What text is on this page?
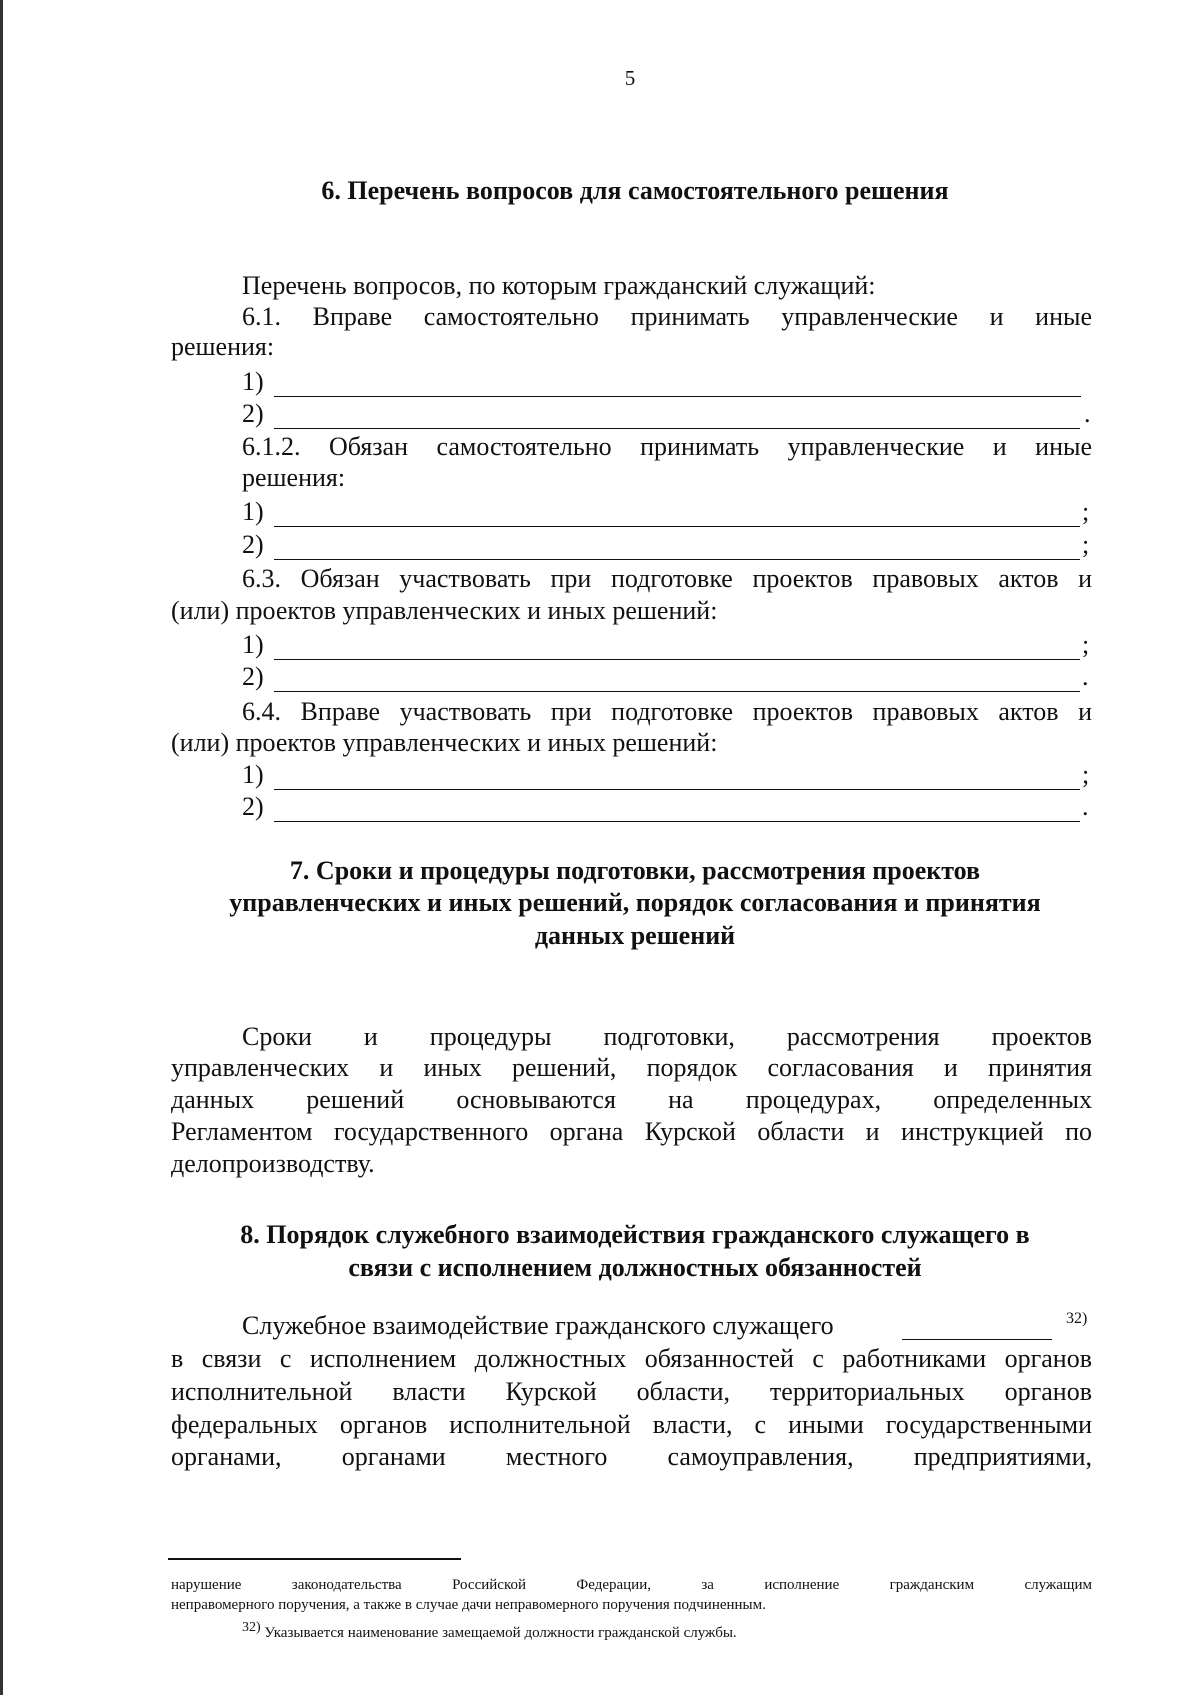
5
6. Перечень вопросов для самостоятельного решения
Перечень вопросов, по которым гражданский служащий:
6.1. Вправе самостоятельно принимать управленческие и иные
решения:
1)
2)	.
6.1.2. Обязан самостоятельно принимать управленческие и иные
решения:
1)	;
2)	;
6.3. Обязан участвовать при подготовке проектов правовых актов и
(или) проектов управленческих и иных решений:
1)	;
2)	.
6.4. Вправе участвовать при подготовке проектов правовых актов и
(или) проектов управленческих и иных решений:
1)	;
2)	.
7. Сроки и процедуры подготовки, рассмотрения проектов
управленческих и иных решений, порядок согласования и принятия
данных решений
Сроки и процедуры подготовки, рассмотрения проектов
управленческих и иных решений, порядок согласования и принятия
данных решений основываются на процедурах, определенных
Регламентом государственного органа Курской области и инструкцией по
делопроизводству.
8. Порядок служебного взаимодействия гражданского служащего в
связи с исполнением должностных обязанностей
Служебное взаимодействие гражданского служащего	32)
в связи с исполнением должностных обязанностей с работниками органов
исполнительной власти Курской области, территориальных органов
федеральных органов исполнительной власти, с иными государственными
органами, органами местного самоуправления, предприятиями,
нарушение законодательства Российской Федерации, за исполнение гражданским служащим
неправомерного поручения, а также в случае дачи неправомерного поручения подчиненным.
$^{32)}$ Указывается наименование замещаемой должности гражданской службы.
